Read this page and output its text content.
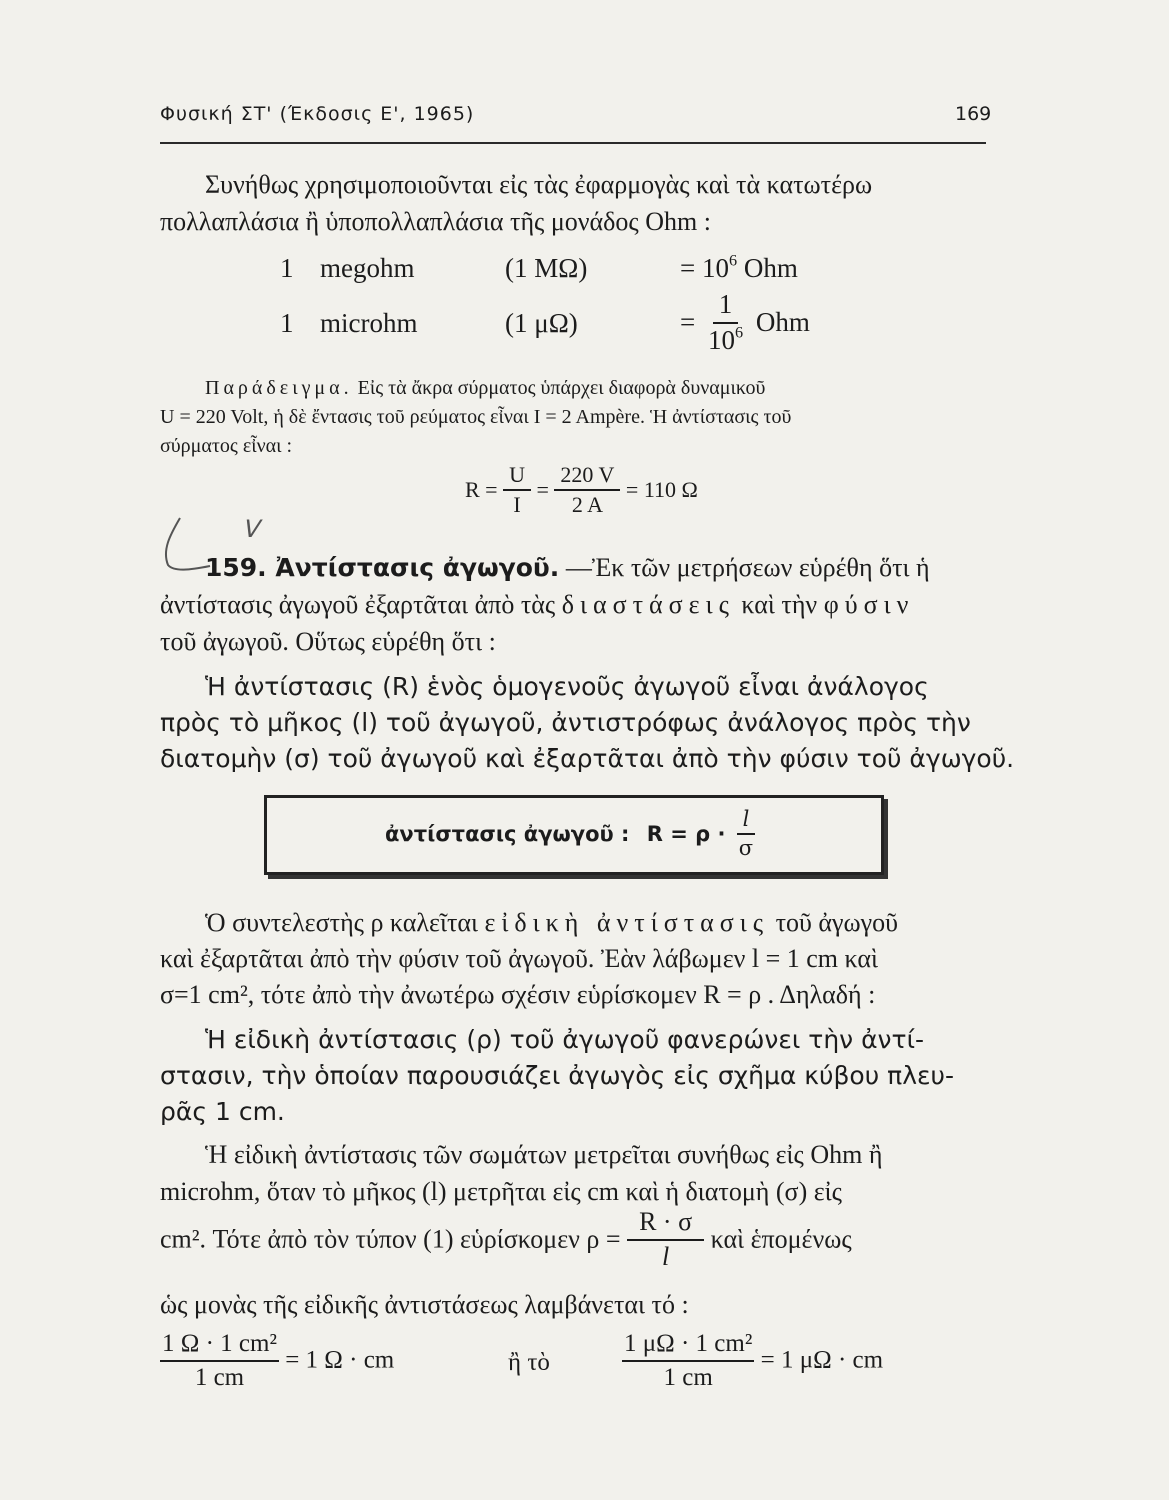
Φυσική ΣΤ' (Έκδοσις Ε', 1965)	169
Συνήθως χρησιμοποιοῦνται εἰς τὰς ἐφαρμογὰς καὶ τὰ κατωτέρω
πολλαπλάσια ἢ ὑποπολλαπλάσια τῆς μονάδος Ohm :
1 megohm	(1 MΩ)	= $10^6$ Ohm
1 microhm	(1 μΩ)	= $\frac{1}{10^6}$ Ohm
Παράδειγμα. Εἰς τὰ ἄκρα σύρματος ὑπάρχει διαφορὰ δυναμικοῦ
U = 220 Volt, ἡ δὲ ἔντασις τοῦ ρεύματος εἶναι I = 2 Ampère. Ἡ ἀντίστασις τοῦ
σύρματος εἶναι :
$R = \frac{U}{I} = \frac{220 V}{2 A} = 110$ Ω
V
159. Ἀντίστασις ἀγωγοῦ. —Ἐκ τῶν μετρήσεων εὑρέθη ὅτι ἡ
ἀντίστασις ἀγωγοῦ ἐξαρτᾶται ἀπὸ τὰς διαστάσεις καὶ τὴν φύσιν
τοῦ ἀγωγοῦ. Οὕτως εὑρέθη ὅτι :
Ἡ ἀντίστασις (R) ἑνὸς ὁμογενοῦς ἀγωγοῦ εἶναι ἀνάλογος
πρὸς τὸ μῆκος (l) τοῦ ἀγωγοῦ, ἀντιστρόφως ἀνάλογος πρὸς τὴν
διατομὴν (σ) τοῦ ἀγωγοῦ καὶ ἐξαρτᾶται ἀπὸ τὴν φύσιν τοῦ ἀγωγοῦ.
ἀντίστασις ἀγωγοῦ : $R = \rho \cdot \frac{l}{\sigma}$
Ὁ συντελεστὴς ρ καλεῖται εἰδικὴ ἀντίστασις τοῦ ἀγωγοῦ
καὶ ἐξαρτᾶται ἀπὸ τὴν φύσιν τοῦ ἀγωγοῦ. Ἐὰν λάβωμεν l = 1 cm καὶ
σ=1 cm², τότε ἀπὸ τὴν ἀνωτέρω σχέσιν εὑρίσκομεν R = ρ . Δηλαδή :
Ἡ εἰδικὴ ἀντίστασις (ρ) τοῦ ἀγωγοῦ φανερώνει τὴν ἀντί-
στασιν, τὴν ὁποίαν παρουσιάζει ἀγωγὸς εἰς σχῆμα κύβου πλευ-
ρᾶς 1 cm.
Ἡ εἰδικὴ ἀντίστασις τῶν σωμάτων μετρεῖται συνήθως εἰς Ohm ἢ
microhm, ὅταν τὸ μῆκος (l) μετρῆται εἰς cm καὶ ἡ διατομὴ (σ) εἰς
cm². Τότε ἀπὸ τὸν τύπον (1) εὑρίσκομεν $\rho = \frac{R \cdot \sigma}{l}$ καὶ ἑπομένως
ὡς μονὰς τῆς εἰδικῆς ἀντιστάσεως λαμβάνεται τό :
$\frac{\text{1 Ω · 1 cm²}}{1 cm} = 1$ Ω · cm	ἢ τὸ	$\frac{\text{1 μΩ · 1 cm²}}{1 cm} = 1$ μΩ · cm
